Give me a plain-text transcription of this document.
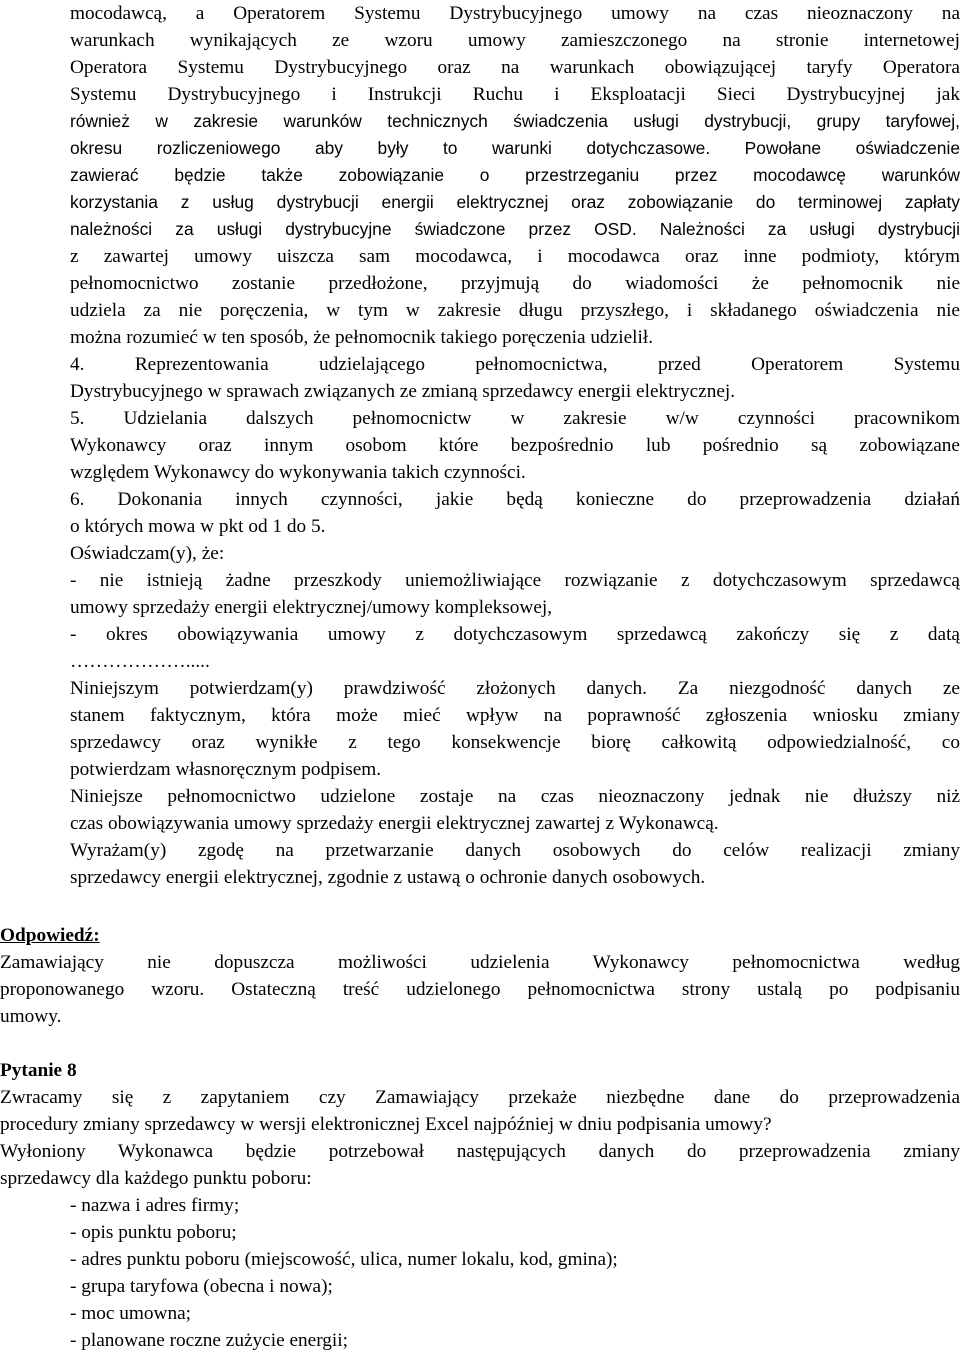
mocodawcą, a Operatorem Systemu Dystrybucyjnego umowy na czas nieoznaczony na
warunkach wynikających ze wzoru umowy zamieszczonego na stronie internetowej
Operatora Systemu Dystrybucyjnego oraz na warunkach obowiązującej taryfy Operatora
Systemu Dystrybucyjnego i Instrukcji Ruchu i Eksploatacji Sieci Dystrybucyjnej jak
również w zakresie warunków technicznych świadczenia usługi dystrybucji, grupy taryfowej,
okresu rozliczeniowego aby były to warunki dotychczasowe. Powołane oświadczenie
zawierać będzie także zobowiązanie o przestrzeganiu przez mocodawcę warunków
korzystania z usług dystrybucji energii elektrycznej oraz zobowiązanie do terminowej zapłaty
należności za usługi dystrybucyjne świadczone przez OSD. Należności za usługi dystrybucji
z zawartej umowy uiszcza sam mocodawca, i mocodawca oraz inne podmioty, którym
pełnomocnictwo zostanie przedłożone, przyjmują do wiadomości że pełnomocnik nie
udziela za nie poręczenia, w tym w zakresie długu przyszłego, i składanego oświadczenia nie
można rozumieć w ten sposób, że pełnomocnik takiego poręczenia udzielił.
4. Reprezentowania udzielającego pełnomocnictwa, przed Operatorem Systemu
Dystrybucyjnego w sprawach związanych ze zmianą sprzedawcy energii elektrycznej.
5. Udzielania dalszych pełnomocnictw w zakresie w/w czynności pracownikom
Wykonawcy oraz innym osobom które bezpośrednio lub pośrednio są zobowiązane
względem Wykonawcy do wykonywania takich czynności.
6. Dokonania innych czynności, jakie będą konieczne do przeprowadzenia działań
o których mowa w pkt od 1 do 5.
Oświadczam(y), że:
- nie istnieją żadne przeszkody uniemożliwiające rozwiązanie z dotychczasowym sprzedawcą
umowy sprzedaży energii elektrycznej/umowy kompleksowej,
- okres obowiązywania umowy z dotychczasowym sprzedawcą zakończy się z datą
……………….....
Niniejszym potwierdzam(y) prawdziwość złożonych danych. Za niezgodność danych ze
stanem faktycznym, która może mieć wpływ na poprawność zgłoszenia wniosku zmiany
sprzedawcy oraz wynikłe z tego konsekwencje biorę całkowitą odpowiedzialność, co
potwierdzam własnoręcznym podpisem.
Niniejsze pełnomocnictwo udzielone zostaje na czas nieoznaczony jednak nie dłuższy niż
czas obowiązywania umowy sprzedaży energii elektrycznej zawartej z Wykonawcą.
Wyrażam(y) zgodę na przetwarzanie danych osobowych do celów realizacji zmiany
sprzedawcy energii elektrycznej, zgodnie z ustawą o ochronie danych osobowych.
Odpowiedź:
Zamawiający nie dopuszcza możliwości udzielenia Wykonawcy pełnomocnictwa według
proponowanego wzoru. Ostateczną treść udzielonego pełnomocnictwa strony ustalą po podpisaniu
umowy.
Pytanie 8
Zwracamy się z zapytaniem czy Zamawiający przekaże niezbędne dane do przeprowadzenia
procedury zmiany sprzedawcy w wersji elektronicznej Excel najpóźniej w dniu podpisania umowy?
Wyłoniony Wykonawca będzie potrzebował następujących danych do przeprowadzenia zmiany
sprzedawcy dla każdego punktu poboru:
- nazwa i adres firmy;
- opis punktu poboru;
- adres punktu poboru (miejscowość, ulica, numer lokalu, kod, gmina);
- grupa taryfowa (obecna i nowa);
- moc umowna;
- planowane roczne zużycie energii;
